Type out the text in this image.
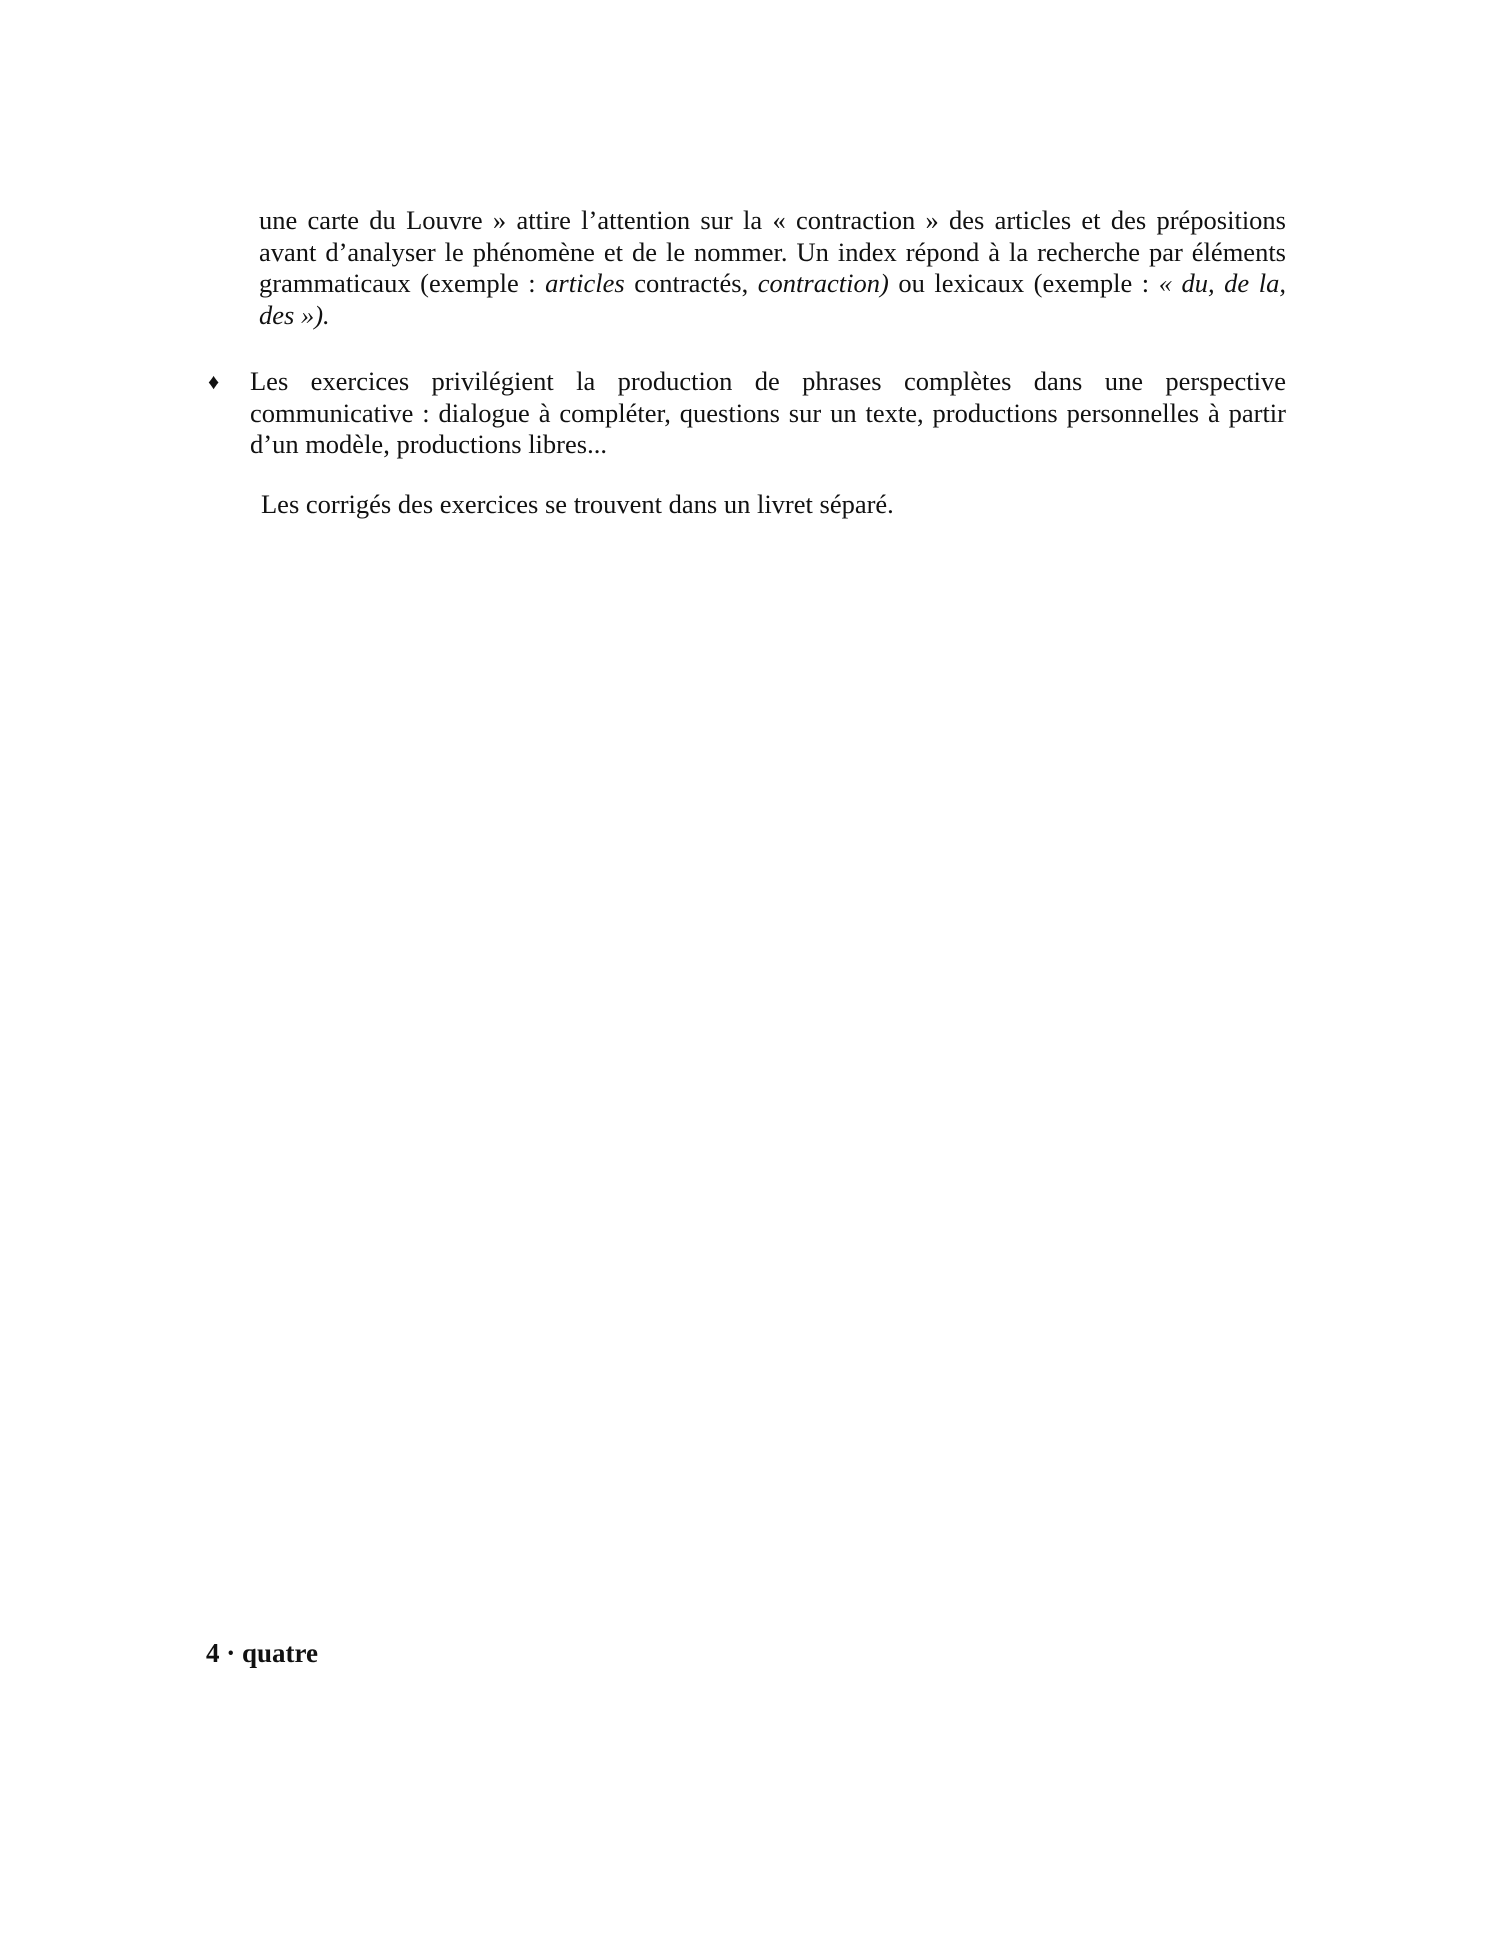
une carte du Louvre » attire l’attention sur la « contraction » des articles et des prépositions avant d’analyser le phénomène et de le nommer. Un index répond à la recherche par éléments grammaticaux (exemple : articles contractés, contraction) ou lexicaux (exemple : « du, de la, des »).

♦ Les exercices privilégient la production de phrases complètes dans une perspective communicative : dialogue à compléter, questions sur un texte, productions personnelles à partir d’un modèle, productions libres...

Les corrigés des exercices se trouvent dans un livret séparé.

4 · quatre
